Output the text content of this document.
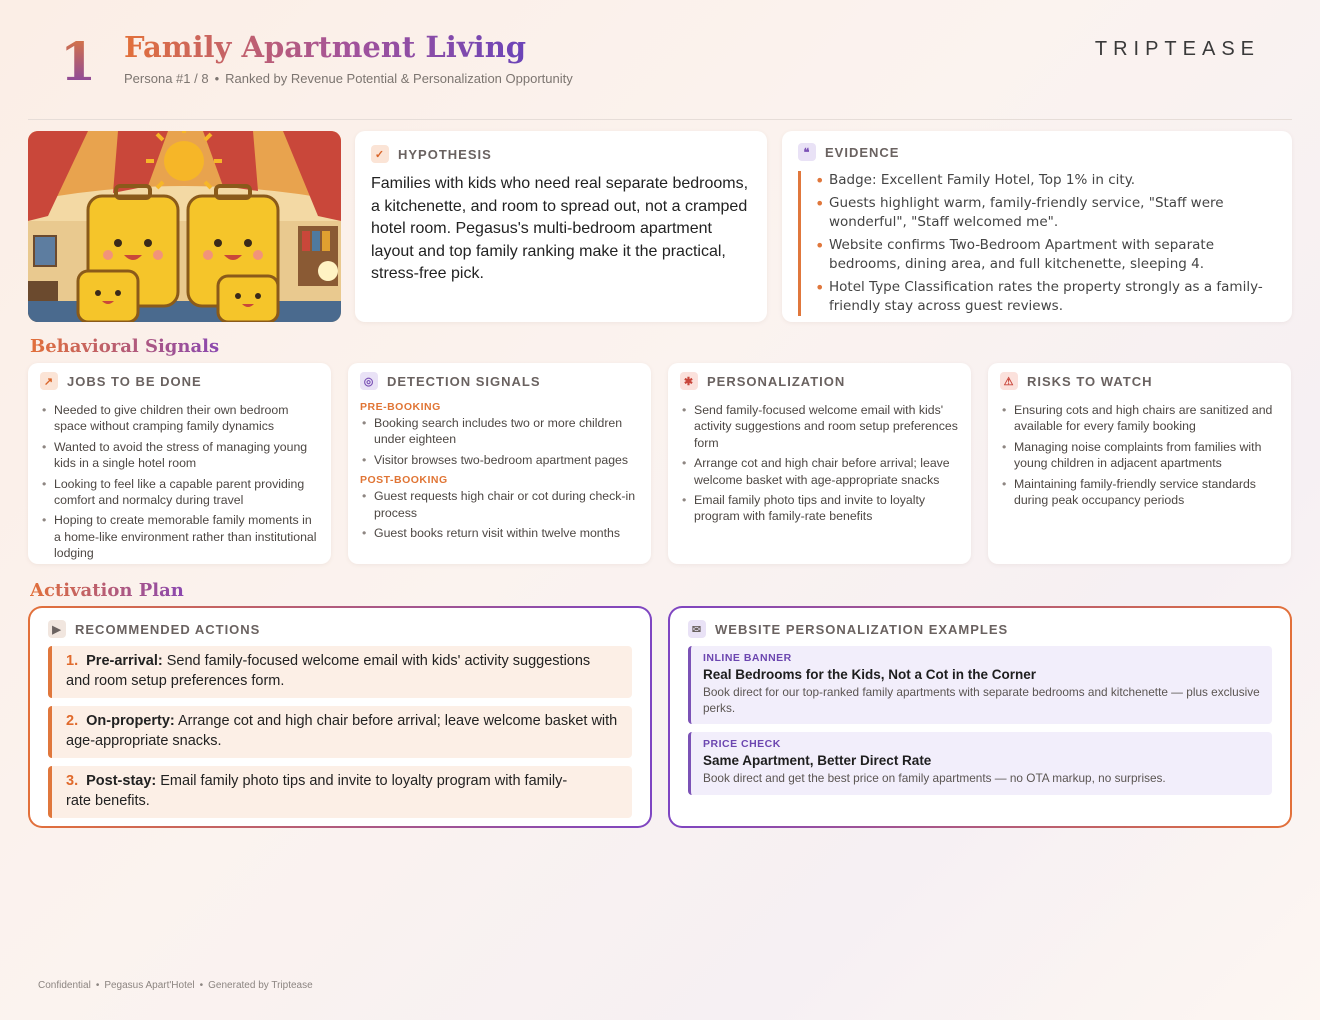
1 Family Apartment Living
Persona #1 / 8 • Ranked by Revenue Potential & Personalization Opportunity
TRIPTEASE
✓ HYPOTHESIS
Families with kids who need real separate bedrooms, a kitchenette, and room to spread out, not a cramped hotel room. Pegasus's multi-bedroom apartment layout and top family ranking make it the practical, stress-free pick.
❝	EVIDENCE
• Badge: Excellent Family Hotel, Top 1% in city.
• Guests highlight warm, family-friendly service, "Staff were wonderful", "Staff welcomed me".
• Website confirms Two-Bedroom Apartment with separate bedrooms, dining area, and full kitchenette, sleeping 4.
• Hotel Type Classification rates the property strongly as a family-friendly stay across guest reviews.
Behavioral Signals
↗ JOBS TO BE DONE
• Needed to give children their own bedroom space without cramping family dynamics
• Wanted to avoid the stress of managing young kids in a single hotel room
• Looking to feel like a capable parent providing comfort and normalcy during travel
• Hoping to create memorable family moments in a home-like environment rather than institutional lodging
◎ DETECTION SIGNALS
PRE-BOOKING
• Booking search includes two or more children under eighteen
• Visitor browses two-bedroom apartment pages
POST-BOOKING
• Guest requests high chair or cot during check-in process
• Guest books return visit within twelve months
✱ PERSONALIZATION
• Send family-focused welcome email with kids' activity suggestions and room setup preferences form
• Arrange cot and high chair before arrival; leave welcome basket with age-appropriate snacks
• Email family photo tips and invite to loyalty program with family-rate benefits
⚠ RISKS TO WATCH
• Ensuring cots and high chairs are sanitized and available for every family booking
• Managing noise complaints from families with young children in adjacent apartments
• Maintaining family-friendly service standards during peak occupancy periods
Activation Plan
▶	RECOMMENDED ACTIONS
1. Pre-arrival: Send family-focused welcome email with kids' activity suggestions and room setup preferences form.
2. On-property: Arrange cot and high chair before arrival; leave welcome basket with age-appropriate snacks.
3. Post-stay: Email family photo tips and invite to loyalty program with family-rate benefits.
✉ WEBSITE PERSONALIZATION EXAMPLES
INLINE BANNER
Real Bedrooms for the Kids, Not a Cot in the Corner
Book direct for our top-ranked family apartments with separate bedrooms and kitchenette — plus exclusive perks.
PRICE CHECK
Same Apartment, Better Direct Rate
Book direct and get the best price on family apartments — no OTA markup, no surprises.
Confidential • Pegasus Apart'Hotel • Generated by Triptease
